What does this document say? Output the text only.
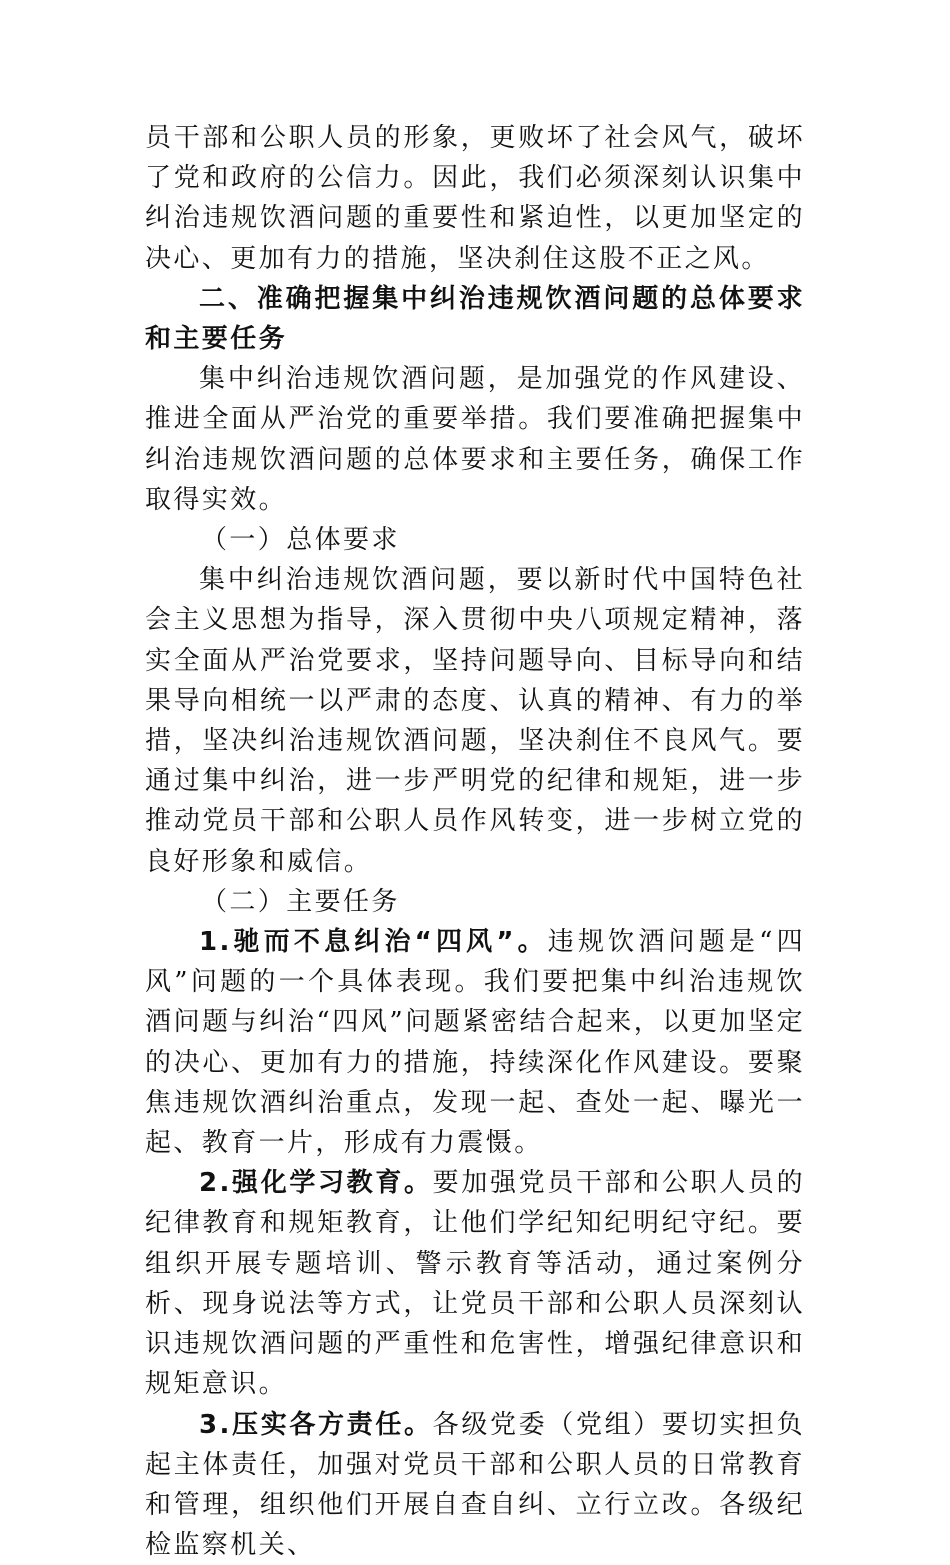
员干部和公职人员的形象，更败坏了社会风气，破坏了党和政府的公信力。因此，我们必须深刻认识集中纠治违规饮酒问题的重要性和紧迫性，以更加坚定的决心、更加有力的措施，坚决刹住这股不正之风。

二、准确把握集中纠治违规饮酒问题的总体要求和主要任务

集中纠治违规饮酒问题，是加强党的作风建设、推进全面从严治党的重要举措。我们要准确把握集中纠治违规饮酒问题的总体要求和主要任务，确保工作取得实效。

（一）总体要求

集中纠治违规饮酒问题，要以新时代中国特色社会主义思想为指导，深入贯彻中央八项规定精神，落实全面从严治党要求，坚持问题导向、目标导向和结果导向相统一以严肃的态度、认真的精神、有力的举措，坚决纠治违规饮酒问题，坚决刹住不良风气。要通过集中纠治，进一步严明党的纪律和规矩，进一步推动党员干部和公职人员作风转变，进一步树立党的良好形象和威信。

（二）主要任务

1.驰而不息纠治“四风”。违规饮酒问题是“四风”问题的一个具体表现。我们要把集中纠治违规饮酒问题与纠治“四风”问题紧密结合起来，以更加坚定的决心、更加有力的措施，持续深化作风建设。要聚焦违规饮酒纠治重点，发现一起、查处一起、曝光一起、教育一片，形成有力震慑。

2.强化学习教育。要加强党员干部和公职人员的纪律教育和规矩教育，让他们学纪知纪明纪守纪。要组织开展专题培训、警示教育等活动，通过案例分析、现身说法等方式，让党员干部和公职人员深刻认识违规饮酒问题的严重性和危害性，增强纪律意识和规矩意识。

3.压实各方责任。各级党委（党组）要切实担负起主体责任，加强对党员干部和公职人员的日常教育和管理，组织他们开展自查自纠、立行立改。各级纪检监察机关、
